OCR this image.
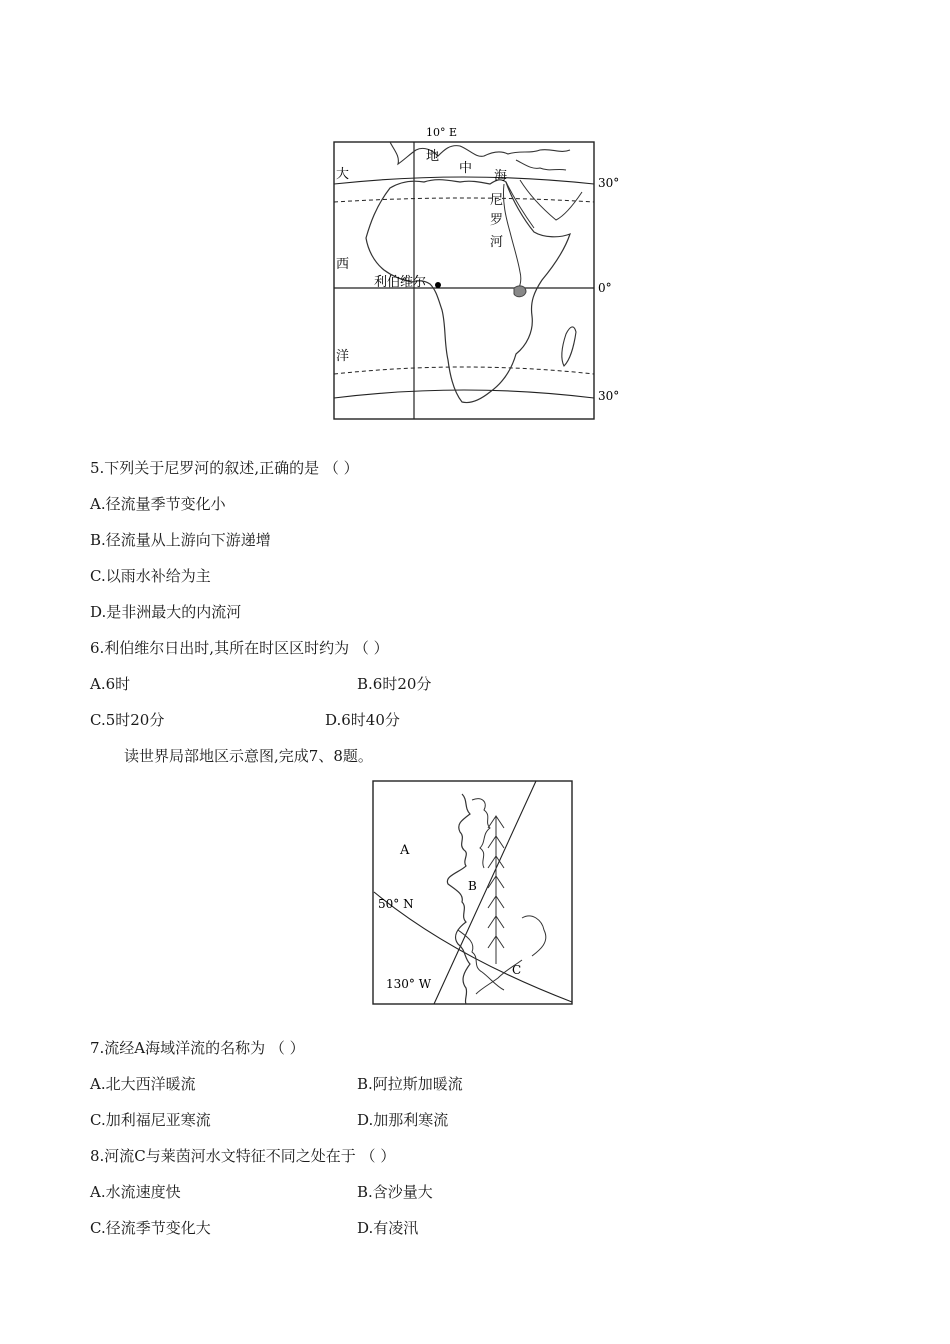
10° E
30°
0°
30°
地
中
海
大
西
洋
尼
罗
河
利伯维尔
5.下列关于尼罗河的叙述,正确的是 （ ）
A.径流量季节变化小
B.径流量从上游向下游递增
C.以雨水补给为主
D.是非洲最大的内流河
6.利伯维尔日出时,其所在时区区时约为 （ ）
A.6时	B.6时20分
C.5时20分	D.6时40分
读世界局部地区示意图,完成7、8题。
A
B
C
50° N
130° W
7.流经A海域洋流的名称为 （ ）
A.北大西洋暖流	B.阿拉斯加暖流
C.加利福尼亚寒流	D.加那利寒流
8.河流C与莱茵河水文特征不同之处在于 （ ）
A.水流速度快	B.含沙量大
C.径流季节变化大	D.有凌汛
